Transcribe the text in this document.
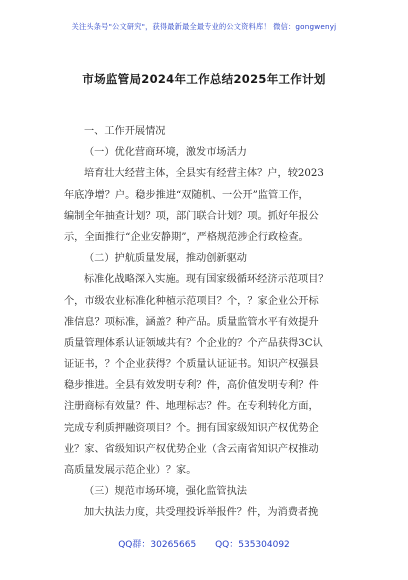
关注头条号"公文研究"，获得最新最全最专业的公文资料库！ 微信：gongwenyj
市场监管局2024年工作总结2025年工作计划
一、工作开展情况
（一）优化营商环境，激发市场活力
培育壮大经营主体，全县实有经营主体？户，较2023
年底净增？户。稳步推进“双随机、一公开”监管工作，
编制全年抽查计划？项，部门联合计划？项。抓好年报公
示，全面推行“企业安静期”，严格规范涉企行政检查。
（二）护航质量发展，推动创新驱动
标准化战略深入实施。现有国家级循环经济示范项目？
个，市级农业标准化种植示范项目？个，？家企业公开标
准信息？项标准，涵盖？种产品。质量监管水平有效提升
质量管理体系认证领域共有？个企业的？个产品获得3C认
证证书，？个企业获得？个质量认证证书。知识产权强县
稳步推进。全县有效发明专利？件，高价值发明专利？件
注册商标有效量？件、地理标志？件。在专利转化方面，
完成专利质押融资项目？个。拥有国家级知识产权优势企
业？家、省级知识产权优势企业（含云南省知识产权推动
高质量发展示范企业）？家。
（三）规范市场环境，强化监管执法
加大执法力度，共受理投诉举报件？件，为消费者挽
QQ群：30265665 QQ：535304092
